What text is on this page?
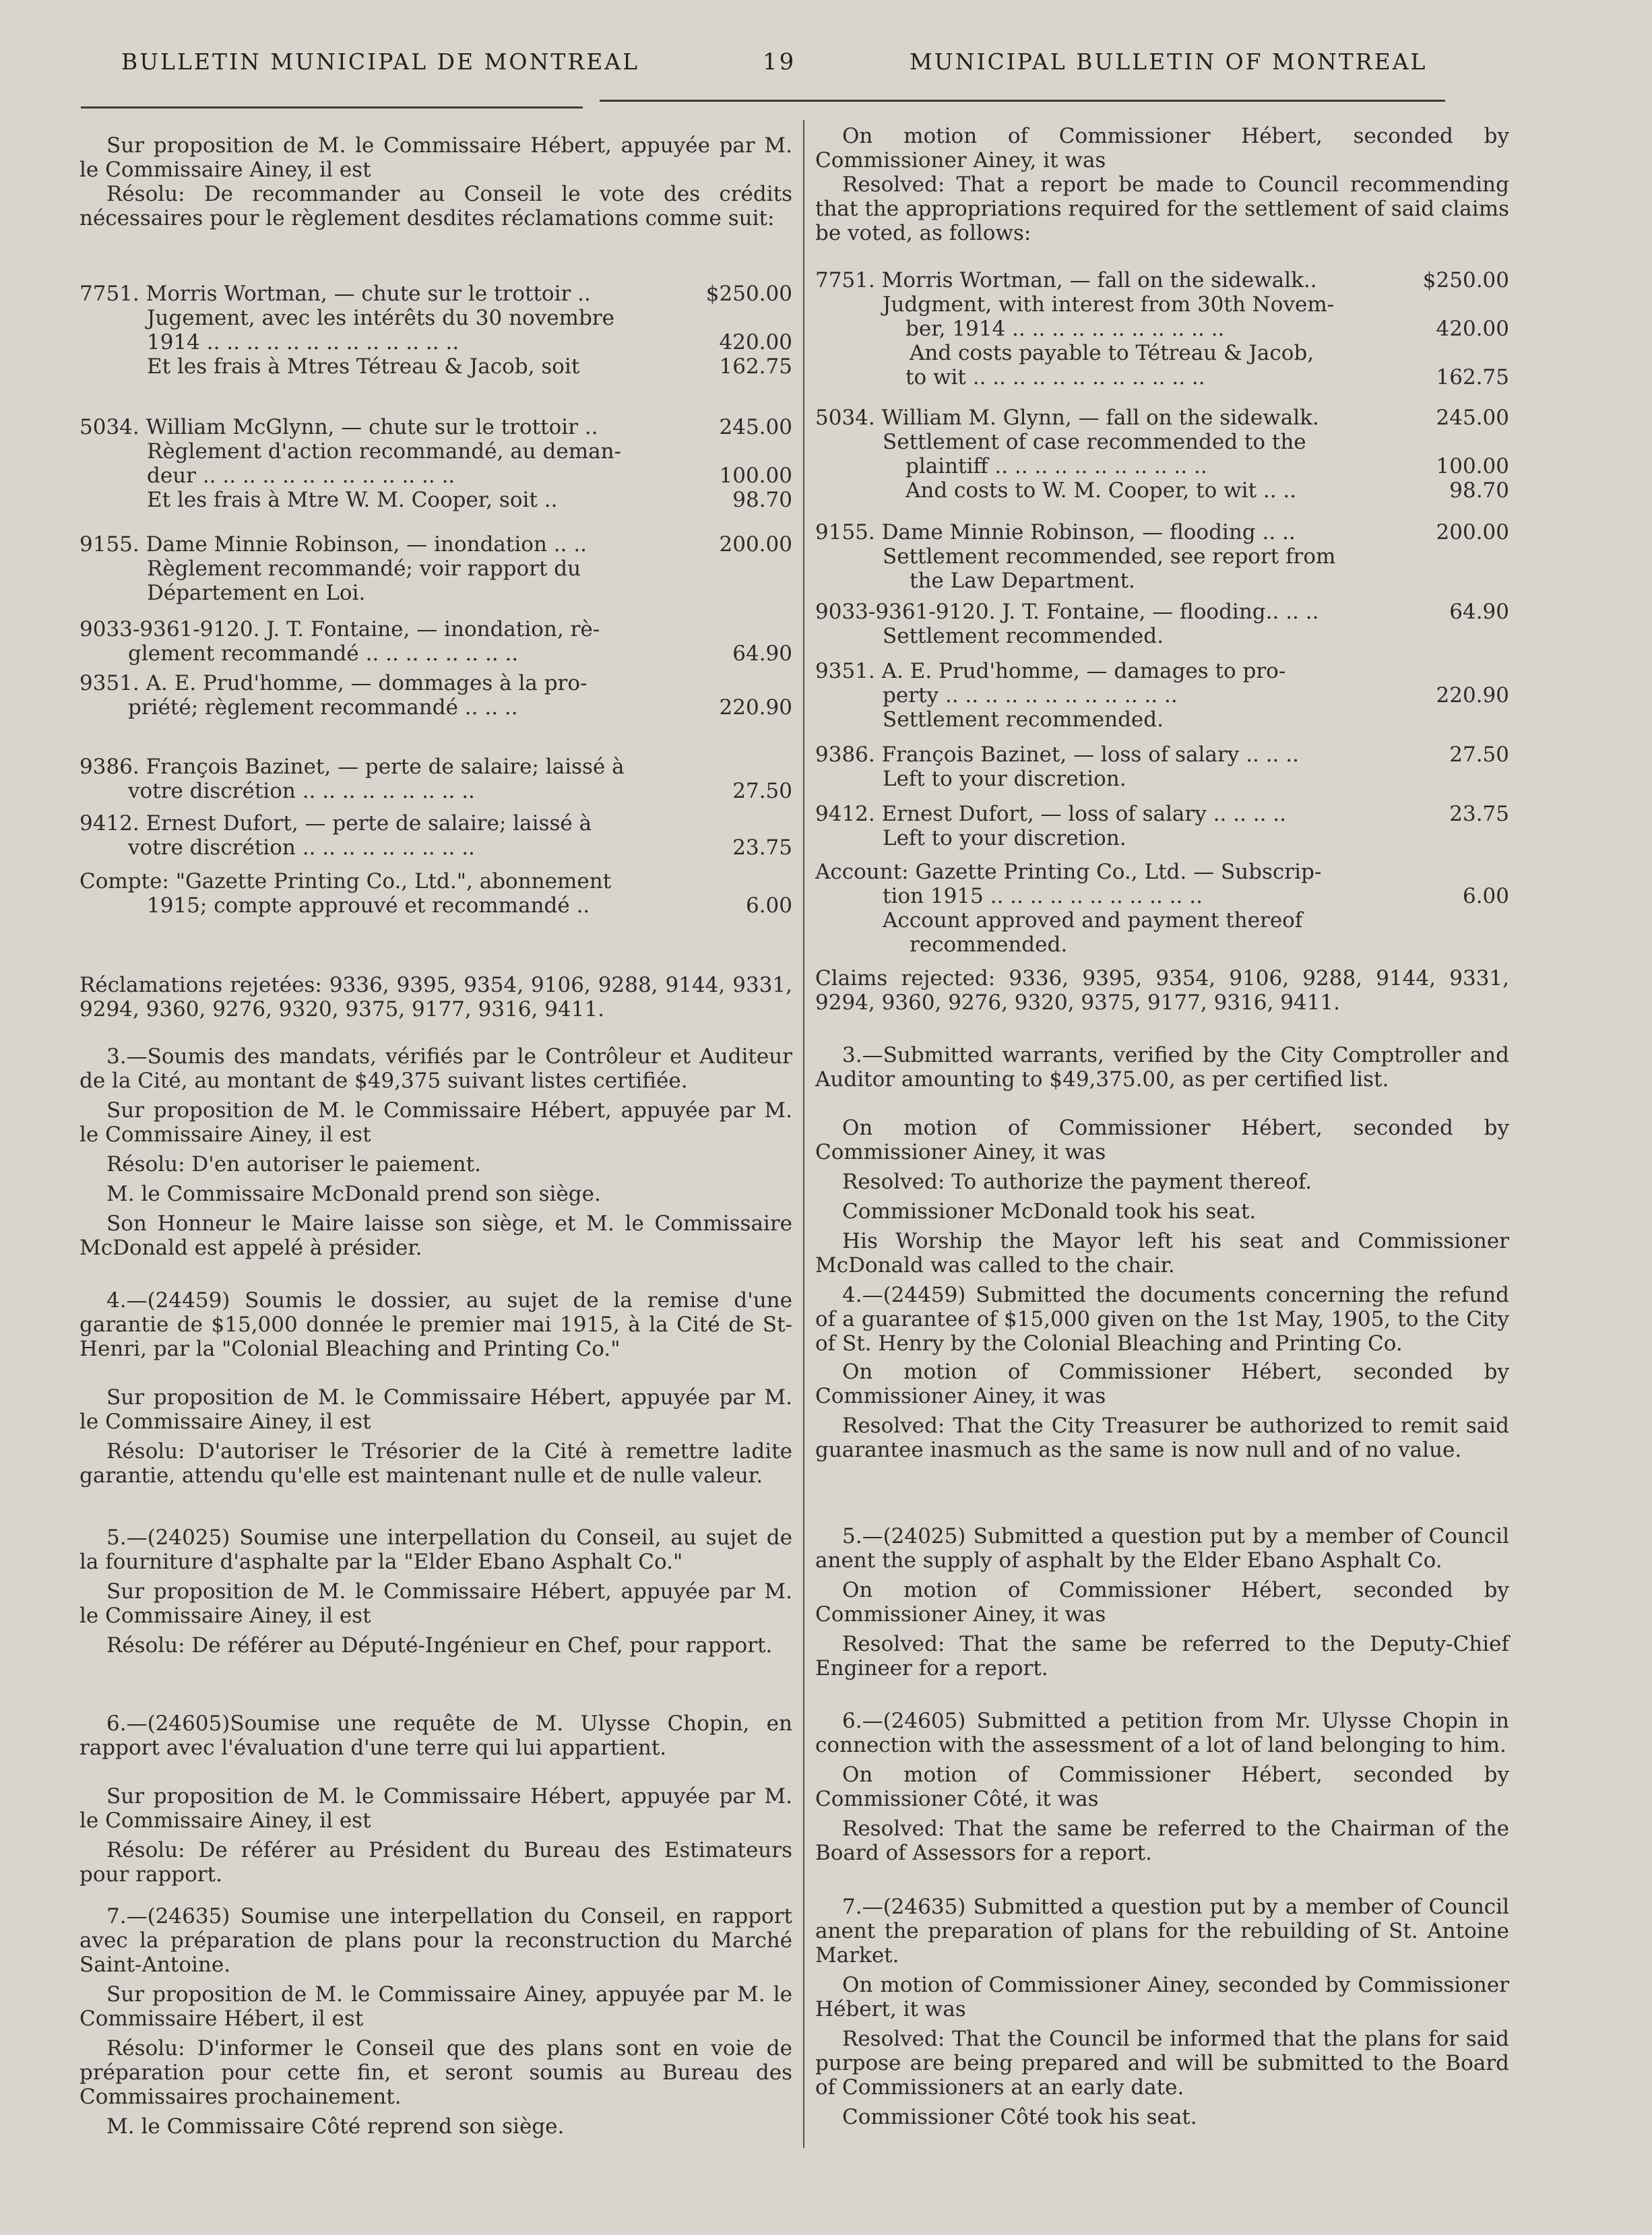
BULLETIN MUNICIPAL DE MONTREAL	19	MUNICIPAL BULLETIN OF MONTREAL

Sur proposition de M. le Commissaire Hébert, appuyée par M. le Commissaire Ainey, il est

Résolu: De recommander au Conseil le vote des crédits nécessaires pour le règlement desdites réclamations comme suit:

7751. Morris Wortman, — chute sur le trottoir ..	$250.00
Jugement, avec les intérêts du 30 novembre
1914 .. .. .. .. .. .. .. .. .. .. .. .. ..	420.00
Et les frais à Mtres Tétreau & Jacob, soit	162.75
5034. William McGlynn, — chute sur le trottoir ..	245.00
Règlement d'action recommandé, au deman-
deur .. .. .. .. .. .. .. .. .. .. .. .. ..	100.00
Et les frais à Mtre W. M. Cooper, soit ..	98.70
9155. Dame Minnie Robinson, — inondation .. ..	200.00
Règlement recommandé; voir rapport du
Département en Loi.
9033-9361-9120. J. T. Fontaine, — inondation, rè-
glement recommandé .. .. .. .. .. .. .. ..	64.90
9351. A. E. Prud'homme, — dommages à la pro-
priété; règlement recommandé .. .. ..	220.90
9386. François Bazinet, — perte de salaire; laissé à
votre discrétion .. .. .. .. .. .. .. .. ..	27.50
9412. Ernest Dufort, — perte de salaire; laissé à
votre discrétion .. .. .. .. .. .. .. .. ..	23.75
Compte: "Gazette Printing Co., Ltd.", abonnement
1915; compte approuvé et recommandé ..	6.00

Réclamations rejetées: 9336, 9395, 9354, 9106, 9288, 9144, 9331, 9294, 9360, 9276, 9320, 9375, 9177, 9316, 9411.

3.—Soumis des mandats, vérifiés par le Contrôleur et Auditeur de la Cité, au montant de $49,375 suivant listes certifiée.

Sur proposition de M. le Commissaire Hébert, appuyée par M. le Commissaire Ainey, il est

Résolu: D'en autoriser le paiement.

M. le Commissaire McDonald prend son siège.

Son Honneur le Maire laisse son siège, et M. le Commissaire McDonald est appelé à présider.

4.—(24459) Soumis le dossier, au sujet de la remise d'une garantie de $15,000 donnée le premier mai 1915, à la Cité de St-Henri, par la "Colonial Bleaching and Printing Co."

Sur proposition de M. le Commissaire Hébert, appuyée par M. le Commissaire Ainey, il est

Résolu: D'autoriser le Trésorier de la Cité à remettre ladite garantie, attendu qu'elle est maintenant nulle et de nulle valeur.

5.—(24025) Soumise une interpellation du Conseil, au sujet de la fourniture d'asphalte par la "Elder Ebano Asphalt Co."

Sur proposition de M. le Commissaire Hébert, appuyée par M. le Commissaire Ainey, il est

Résolu: De référer au Député-Ingénieur en Chef, pour rapport.

6.—(24605)Soumise une requête de M. Ulysse Chopin, en rapport avec l'évaluation d'une terre qui lui appartient.

Sur proposition de M. le Commissaire Hébert, appuyée par M. le Commissaire Ainey, il est

Résolu: De référer au Président du Bureau des Estimateurs pour rapport.

7.—(24635) Soumise une interpellation du Conseil, en rapport avec la préparation de plans pour la reconstruction du Marché Saint-Antoine.

Sur proposition de M. le Commissaire Ainey, appuyée par M. le Commissaire Hébert, il est

Résolu: D'informer le Conseil que des plans sont en voie de préparation pour cette fin, et seront soumis au Bureau des Commissaires prochainement.

M. le Commissaire Côté reprend son siège.

On motion of Commissioner Hébert, seconded by Commissioner Ainey, it was

Resolved: That a report be made to Council recommending that the appropriations required for the settlement of said claims be voted, as follows:

7751. Morris Wortman, — fall on the sidewalk..	$250.00
Judgment, with interest from 30th Novem-
ber, 1914 .. .. .. .. .. .. .. .. .. .. ..	420.00
And costs payable to Tétreau & Jacob,
to wit .. .. .. .. .. .. .. .. .. .. .. ..	162.75
5034. William M. Glynn, — fall on the sidewalk.	245.00
Settlement of case recommended to the
plaintiff .. .. .. .. .. .. .. .. .. .. ..	100.00
And costs to W. M. Cooper, to wit .. ..	98.70
9155. Dame Minnie Robinson, — flooding .. ..	200.00
Settlement recommended, see report from
the Law Department.
9033-9361-9120. J. T. Fontaine, — flooding.. .. ..	64.90
Settlement recommended.
9351. A. E. Prud'homme, — damages to pro-
perty .. .. .. .. .. .. .. .. .. .. .. ..	220.90
Settlement recommended.
9386. François Bazinet, — loss of salary .. .. ..	27.50
Left to your discretion.
9412. Ernest Dufort, — loss of salary .. .. .. ..	23.75
Left to your discretion.
Account: Gazette Printing Co., Ltd. — Subscrip-
tion 1915 .. .. .. .. .. .. .. .. .. .. ..	6.00
Account approved and payment thereof
recommended.

Claims rejected: 9336, 9395, 9354, 9106, 9288, 9144, 9331, 9294, 9360, 9276, 9320, 9375, 9177, 9316, 9411.

3.—Submitted warrants, verified by the City Comptroller and Auditor amounting to $49,375.00, as per certified list.

On motion of Commissioner Hébert, seconded by Commissioner Ainey, it was

Resolved: To authorize the payment thereof.

Commissioner McDonald took his seat.

His Worship the Mayor left his seat and Commissioner McDonald was called to the chair.

4.—(24459) Submitted the documents concerning the refund of a guarantee of $15,000 given on the 1st May, 1905, to the City of St. Henry by the Colonial Bleaching and Printing Co.

On motion of Commissioner Hébert, seconded by Commissioner Ainey, it was

Resolved: That the City Treasurer be authorized to remit said guarantee inasmuch as the same is now null and of no value.

5.—(24025) Submitted a question put by a member of Council anent the supply of asphalt by the Elder Ebano Asphalt Co.

On motion of Commissioner Hébert, seconded by Commissioner Ainey, it was

Resolved: That the same be referred to the Deputy-Chief Engineer for a report.

6.—(24605) Submitted a petition from Mr. Ulysse Chopin in connection with the assessment of a lot of land belonging to him.

On motion of Commissioner Hébert, seconded by Commissioner Côté, it was

Resolved: That the same be referred to the Chairman of the Board of Assessors for a report.

7.—(24635) Submitted a question put by a member of Council anent the preparation of plans for the rebuilding of St. Antoine Market.

On motion of Commissioner Ainey, seconded by Commissioner Hébert, it was

Resolved: That the Council be informed that the plans for said purpose are being prepared and will be submitted to the Board of Commissioners at an early date.

Commissioner Côté took his seat.
